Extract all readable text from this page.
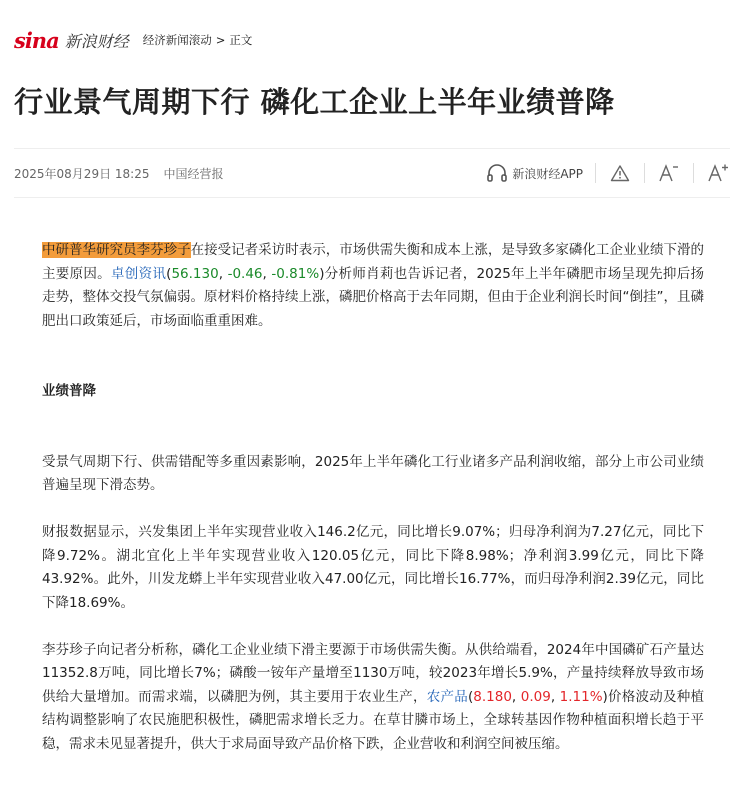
sina 新浪财经 经济新闻滚动 > 正文
行业景气周期下行 磷化工企业上半年业绩普降
2025年08月29日 18:25 中国经营报	新浪财经APP

中研普华研究员李芬珍子在接受记者采访时表示，市场供需失衡和成本上涨，是导致多家磷化工企业业绩下滑的主要原因。卓创资讯(56.130, -0.46, -0.81%)分析师肖莉也告诉记者，2025年上半年磷肥市场呈现先抑后扬走势，整体交投气氛偏弱。原材料价格持续上涨，磷肥价格高于去年同期，但由于企业利润长时间“倒挂”，且磷肥出口政策延后，市场面临重重困难。

业绩普降

受景气周期下行、供需错配等多重因素影响，2025年上半年磷化工行业诸多产品利润收缩，部分上市公司业绩普遍呈现下滑态势。

财报数据显示，兴发集团上半年实现营业收入146.2亿元，同比增长9.07%；归母净利润为7.27亿元，同比下降9.72%。湖北宜化上半年实现营业收入120.05亿元，同比下降8.98%；净利润3.99亿元，同比下降43.92%。此外，川发龙蟒上半年实现营业收入47.00亿元，同比增长16.77%，而归母净利润2.39亿元，同比下降18.69%。

李芬珍子向记者分析称，磷化工企业业绩下滑主要源于市场供需失衡。从供给端看，2024年中国磷矿石产量达11352.8万吨，同比增长7%；磷酸一铵年产量增至1130万吨，较2023年增长5.9%，产量持续释放导致市场供给大量增加。而需求端，以磷肥为例，其主要用于农业生产，农产品(8.180, 0.09, 1.11%)价格波动及种植结构调整影响了农民施肥积极性，磷肥需求增长乏力。在草甘膦市场上，全球转基因作物种植面积增长趋于平稳，需求未见显著提升，供大于求局面导致产品价格下跌，企业营收和利润空间被压缩。
